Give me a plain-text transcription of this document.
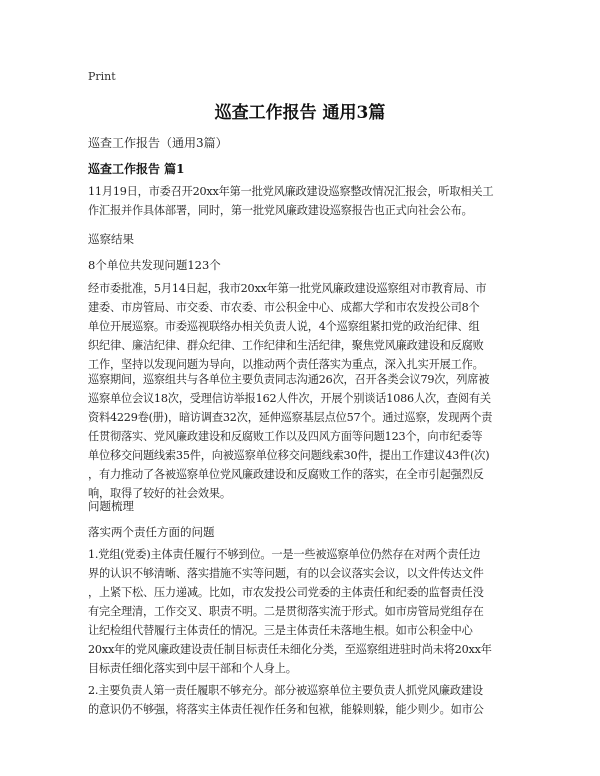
Print
巡查工作报告 通用3篇
巡查工作报告（通用3篇）
巡查工作报告 篇1

11月19日，市委召开20xx年第一批党风廉政建设巡察整改情况汇报会，听取相关工
作汇报并作具体部署，同时，第一批党风廉政建设巡察报告也正式向社会公布。

巡察结果
8个单位共发现问题123个

经市委批准，5月14日起，我市20xx年第一批党风廉政建设巡察组对市教育局、市
建委、市房管局、市交委、市农委、市公积金中心、成都大学和市农发投公司8个
单位开展巡察。市委巡视联络办相关负责人说，4个巡察组紧扣党的政治纪律、组
织纪律、廉洁纪律、群众纪律、工作纪律和生活纪律，聚焦党风廉政建设和反腐败
工作，坚持以发现问题为导向，以推动两个责任落实为重点，深入扎实开展工作。

巡察期间，巡察组共与各单位主要负责同志沟通26次，召开各类会议79次，列席被
巡察单位会议18次，受理信访举报162人件次，开展个别谈话1086人次，查阅有关
资料4229卷(册)，暗访调查32次，延伸巡察基层点位57个。通过巡察，发现两个责
任贯彻落实、党风廉政建设和反腐败工作以及四风方面等问题123个，向市纪委等
单位移交问题线索35件，向被巡察单位移交问题线索30件，提出工作建议43件(次)
，有力推动了各被巡察单位党风廉政建设和反腐败工作的落实，在全市引起强烈反
响，取得了较好的社会效果。

问题梳理
落实两个责任方面的问题

1.党组(党委)主体责任履行不够到位。一是一些被巡察单位仍然存在对两个责任边
界的认识不够清晰、落实措施不实等问题，有的以会议落实会议，以文件传达文件
，上紧下松、压力递减。比如，市农发投公司党委的主体责任和纪委的监督责任没
有完全理清，工作交叉、职责不明。二是贯彻落实流于形式。如市房管局党组存在
让纪检组代替履行主体责任的情况。三是主体责任未落地生根。如市公积金中心
20xx年的党风廉政建设责任制目标责任未细化分类，至巡察组进驻时尚未将20xx年
目标责任细化落实到中层干部和个人身上。

2.主要负责人第一责任履职不够充分。部分被巡察单位主要负责人抓党风廉政建设
的意识仍不够强，将落实主体责任视作任务和包袱，能躲则躲，能少则少。如市公
